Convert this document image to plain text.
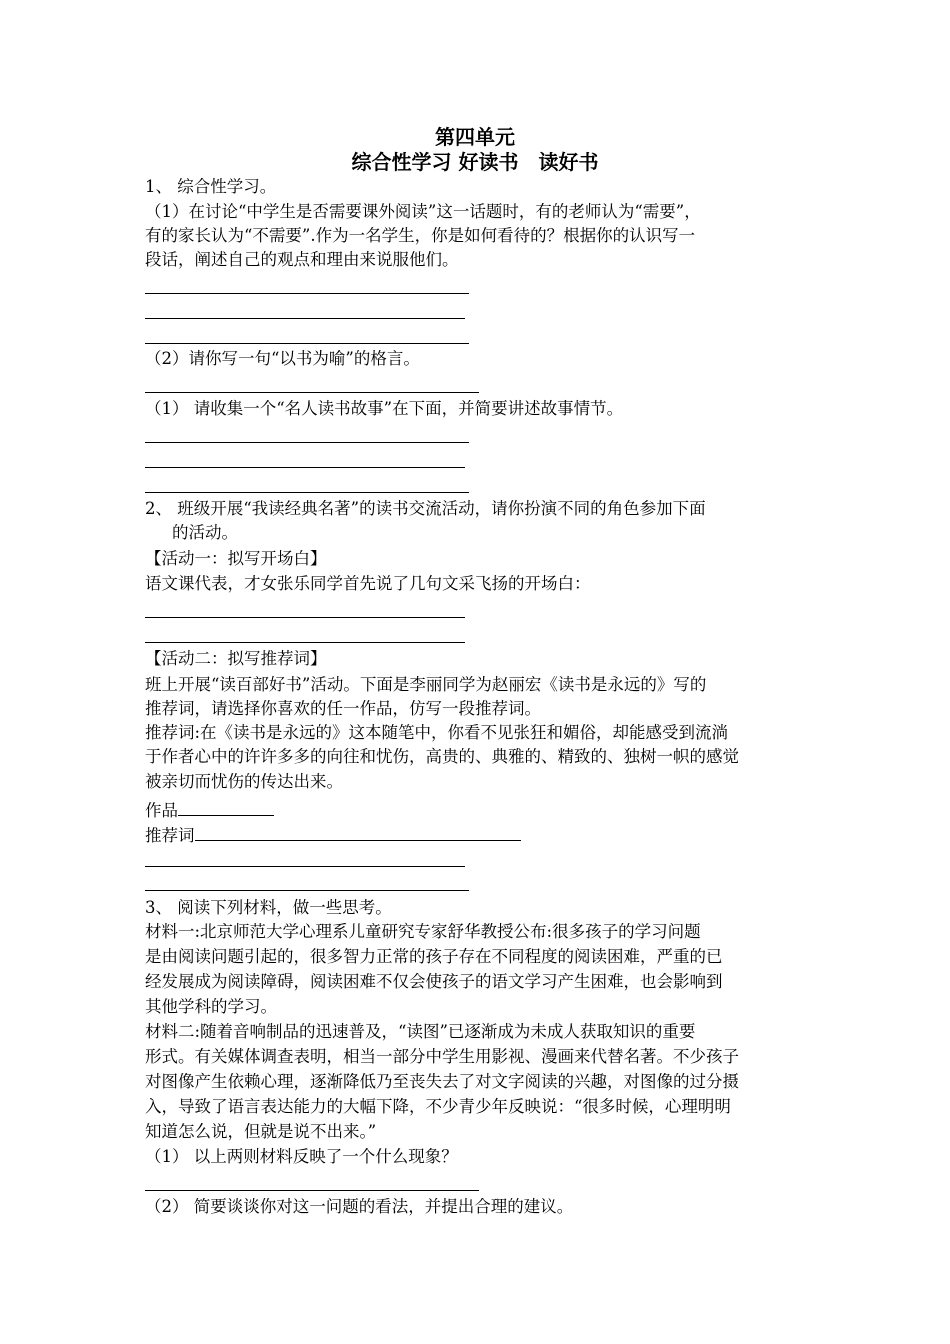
第四单元
综合性学习 好读书　读好书
1、 综合性学习。
（1）在讨论“中学生是否需要课外阅读”这一话题时，有的老师认为“需要”，
有的家长认为“不需要”.作为一名学生，你是如何看待的？根据你的认识写一
段话，阐述自己的观点和理由来说服他们。
（2）请你写一句“以书为喻”的格言。
（1） 请收集一个“名人读书故事”在下面，并简要讲述故事情节。
2、 班级开展“我读经典名著”的读书交流活动，请你扮演不同的角色参加下面
的活动。
【活动一：拟写开场白】
语文课代表，才女张乐同学首先说了几句文采飞扬的开场白：
【活动二：拟写推荐词】
班上开展“读百部好书”活动。下面是李丽同学为赵丽宏《读书是永远的》写的
推荐词，请选择你喜欢的任一作品，仿写一段推荐词。
推荐词:在《读书是永远的》这本随笔中，你看不见张狂和媚俗，却能感受到流淌
于作者心中的许许多多的向往和忧伤，高贵的、典雅的、精致的、独树一帜的感觉
被亲切而忧伤的传达出来。
作品
推荐词
3、 阅读下列材料，做一些思考。
材料一:北京师范大学心理系儿童研究专家舒华教授公布:很多孩子的学习问题
是由阅读问题引起的，很多智力正常的孩子存在不同程度的阅读困难，严重的已
经发展成为阅读障碍，阅读困难不仅会使孩子的语文学习产生困难，也会影响到
其他学科的学习。
材料二:随着音响制品的迅速普及，“读图”已逐渐成为未成人获取知识的重要
形式。有关媒体调查表明，相当一部分中学生用影视、漫画来代替名著。不少孩子
对图像产生依赖心理，逐渐降低乃至丧失去了对文字阅读的兴趣，对图像的过分摄
入，导致了语言表达能力的大幅下降，不少青少年反映说：“很多时候，心理明明
知道怎么说，但就是说不出来。”
（1） 以上两则材料反映了一个什么现象？
（2） 简要谈谈你对这一问题的看法，并提出合理的建议。
